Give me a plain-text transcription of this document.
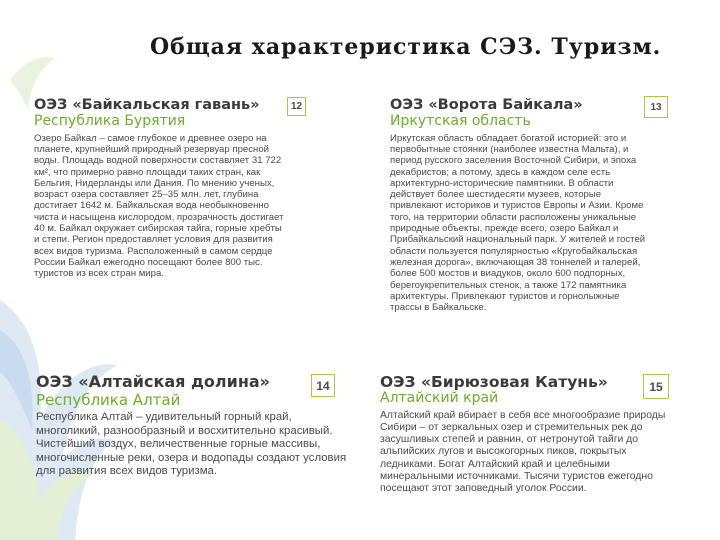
Общая характеристика СЭЗ. Туризм.
ОЭЗ «Байкальская гавань»
Республика Бурятия
Озеро Байкал – самое глубокое и древнее озеро на планете, крупнейший природный резервуар пресной воды. Площадь водной поверхности составляет 31 722 км², что примерно равно площади таких стран, как Бельгия, Нидерланды или Дания. По мнению ученых, возраст озера составляет 25–35 млн. лет, глубина достигает 1642 м. Байкальская вода необыкновенно чиста и насыщена кислородом, прозрачность достигает 40 м. Байкал окружает сибирская тайга, горные хребты и степи. Регион предоставляет условия для развития всех видов туризма. Расположенный в самом сердце России Байкал ежегодно посещают более 800 тыс. туристов из всех стран мира.
12	ОЭЗ «Ворота Байкала»
Иркутская область
Иркутская область обладает богатой историей: это и первобытные стоянки (наиболее известна Мальта), и период русского заселения Восточной Сибири, и эпоха декабристов; а потому, здесь в каждом селе есть архитектурно-исторические памятники. В области действует более шестидесяти музеев, которые привлекают историков и туристов Европы и Азии. Кроме того, на территории области расположены уникальные природные объекты, прежде всего, озеро Байкал и Прибайкальский национальный парк. У жителей и гостей области пользуется популярностью «Кругобайкальская железная дорога», включающая 38 тоннелей и галерей, более 500 мостов и виадуков, около 600 подпорных, берегоукрепительных стенок, а также 172 памятника архитектуры. Привлекают туристов и горнолыжные трассы в Байкальске.
13
ОЭЗ «Алтайская долина»
Республика Алтай
Республика Алтай – удивительный горный край, многоликий, разнообразный и восхитительно красивый. Чистейший воздух, величественные горные массивы, многочисленные реки, озера и водопады создают условия для развития всех видов туризма.
14	ОЭЗ «Бирюзовая Катунь»
Алтайский край
Алтайский край вбирает в себя все многообразие природы Сибири – от зеркальных озер и стремительных рек до засушливых степей и равнин, от нетронутой тайги до альпийских лугов и высокогорных пиков, покрытых ледниками. Богат Алтайский край и целебными минеральными источниками. Тысячи туристов ежегодно посещают этот заповедный уголок России.
15
